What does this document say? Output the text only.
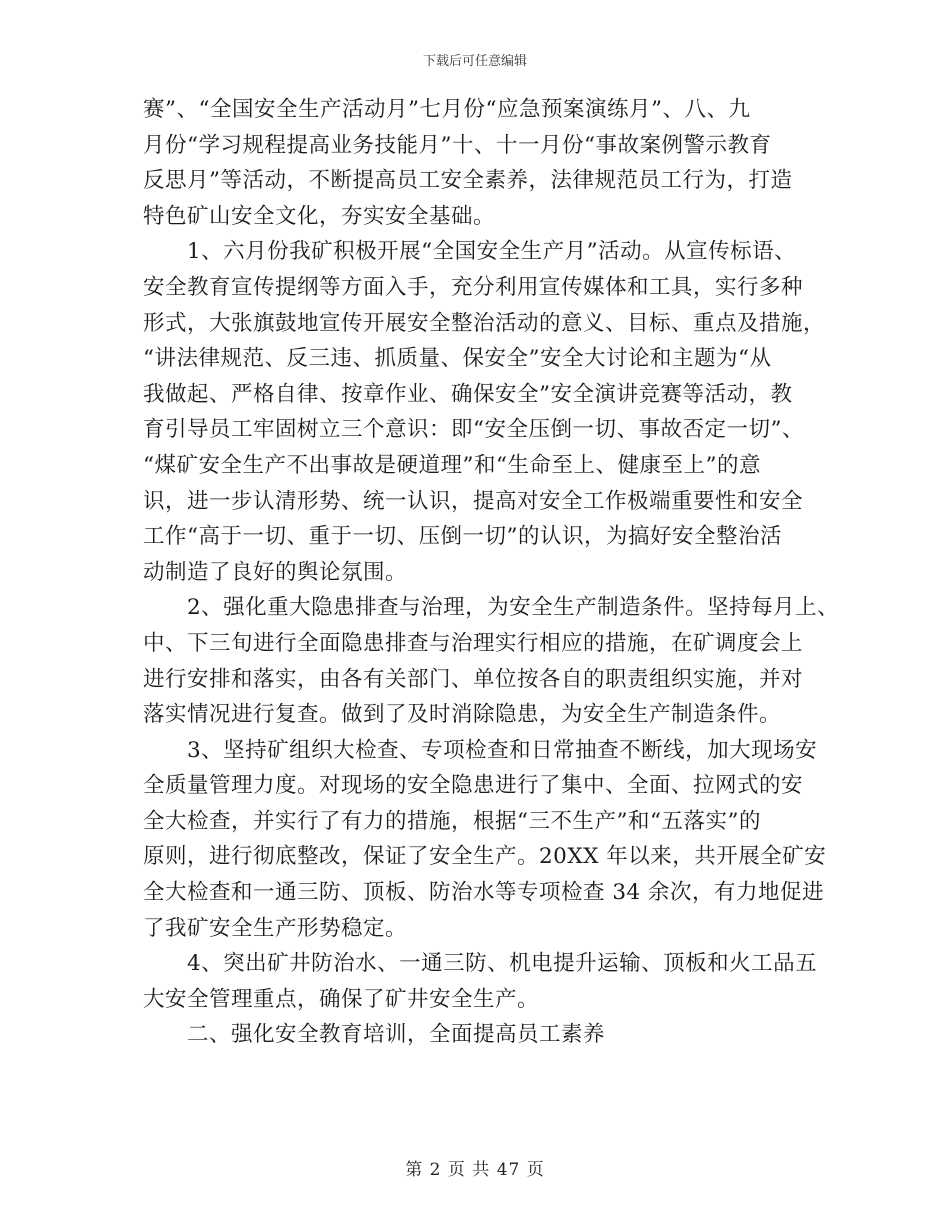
下载后可任意编辑

赛”、“全国安全生产活动月”七月份“应急预案演练月”、八、九
月份“学习规程提高业务技能月”十、十一月份“事故案例警示教育
反思月”等活动，不断提高员工安全素养，法律规范员工行为，打造
特色矿山安全文化，夯实安全基础。

　　1、六月份我矿积极开展“全国安全生产月”活动。从宣传标语、
安全教育宣传提纲等方面入手，充分利用宣传媒体和工具，实行多种
形式，大张旗鼓地宣传开展安全整治活动的意义、目标、重点及措施，
“讲法律规范、反三违、抓质量、保安全”安全大讨论和主题为“从
我做起、严格自律、按章作业、确保安全”安全演讲竞赛等活动，教
育引导员工牢固树立三个意识：即“安全压倒一切、事故否定一切”、
“煤矿安全生产不出事故是硬道理”和“生命至上、健康至上”的意
识，进一步认清形势、统一认识，提高对安全工作极端重要性和安全
工作“高于一切、重于一切、压倒一切”的认识，为搞好安全整治活
动制造了良好的舆论氛围。

　　2、强化重大隐患排查与治理，为安全生产制造条件。坚持每月上、
中、下三旬进行全面隐患排查与治理实行相应的措施，在矿调度会上
进行安排和落实，由各有关部门、单位按各自的职责组织实施，并对
落实情况进行复查。做到了及时消除隐患，为安全生产制造条件。

　　3、坚持矿组织大检查、专项检查和日常抽查不断线，加大现场安
全质量管理力度。对现场的安全隐患进行了集中、全面、拉网式的安
全大检查，并实行了有力的措施，根据“三不生产”和“五落实”的
原则，进行彻底整改，保证了安全生产。20XX 年以来，共开展全矿安
全大检查和一通三防、顶板、防治水等专项检查 34 余次，有力地促进
了我矿安全生产形势稳定。

　　4、突出矿井防治水、一通三防、机电提升运输、顶板和火工品五
大安全管理重点，确保了矿井安全生产。

　　二、强化安全教育培训，全面提高员工素养

第 2 页 共 47 页
